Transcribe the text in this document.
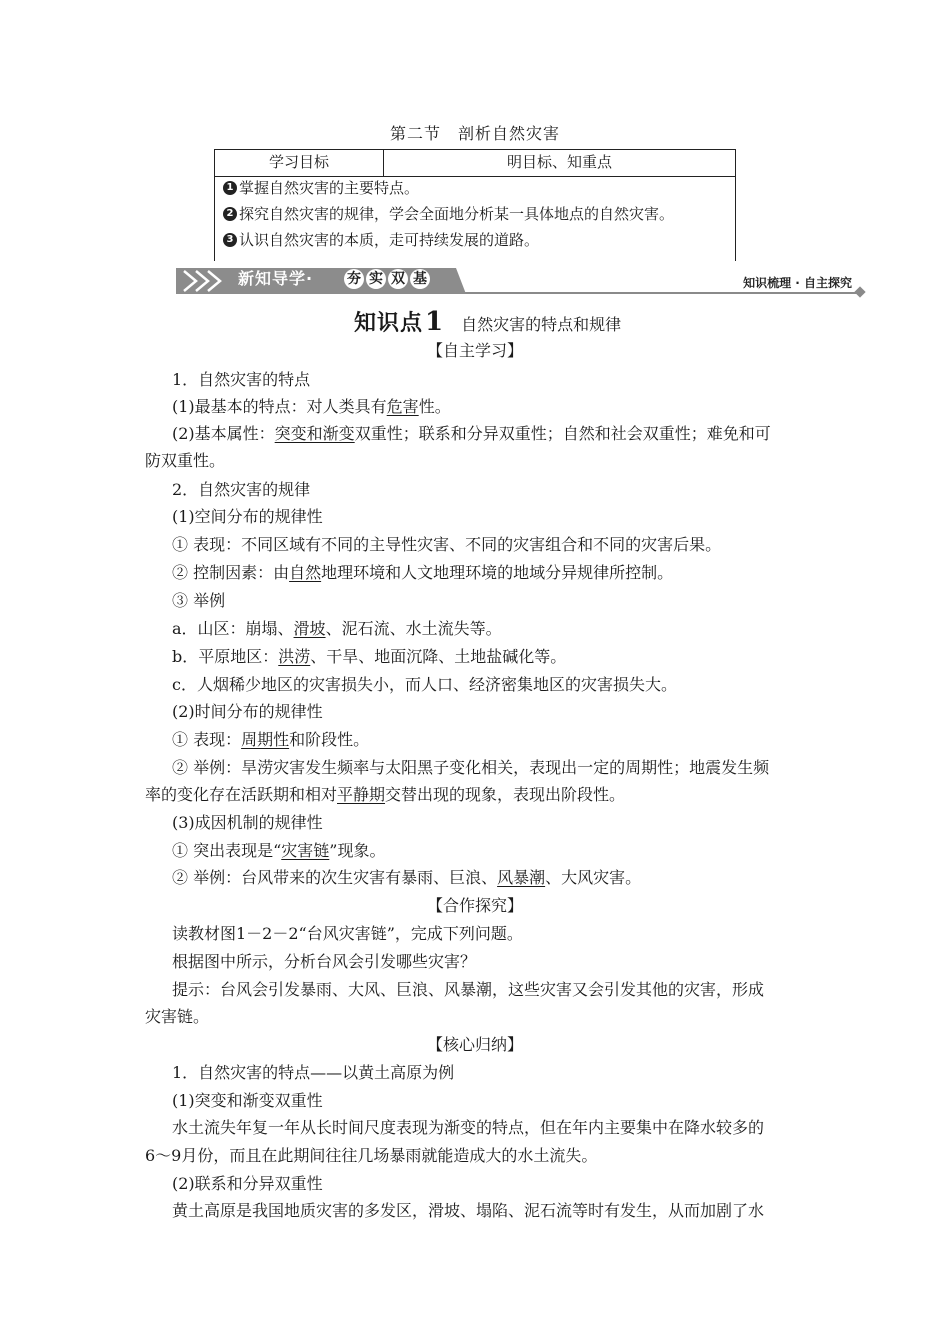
第二节　剖析自然灾害
学习目标	明目标、知重点
1 掌握自然灾害的主要特点。
2 探究自然灾害的规律，学会全面地分析某一具体地点的自然灾害。
3 认识自然灾害的本质，走可持续发展的道路。
新知导学· 夯 实 双 基	知识梳理 · 自主探究
知识点 1 自然灾害的特点和规律
【自主学习】
1．自然灾害的特点
(1)最基本的特点：对人类具有危害性。
(2)基本属性：突变和渐变双重性；联系和分异双重性；自然和社会双重性；难免和可
防双重性。
2．自然灾害的规律
(1)空间分布的规律性
① 表现：不同区域有不同的主导性灾害、不同的灾害组合和不同的灾害后果。
② 控制因素：由自然地理环境和人文地理环境的地域分异规律所控制。
③ 举例
a．山区：崩塌、滑坡、泥石流、水土流失等。
b．平原地区：洪涝、干旱、地面沉降、土地盐碱化等。
c．人烟稀少地区的灾害损失小，而人口、经济密集地区的灾害损失大。
(2)时间分布的规律性
① 表现：周期性和阶段性。
② 举例：旱涝灾害发生频率与太阳黑子变化相关，表现出一定的周期性；地震发生频
率的变化存在活跃期和相对平静期交替出现的现象，表现出阶段性。
(3)成因机制的规律性
① 突出表现是“灾害链”现象。
② 举例：台风带来的次生灾害有暴雨、巨浪、风暴潮、大风灾害。
【合作探究】
读教材图1－2－2“台风灾害链”，完成下列问题。
根据图中所示，分析台风会引发哪些灾害？
提示：台风会引发暴雨、大风、巨浪、风暴潮，这些灾害又会引发其他的灾害，形成
灾害链。
【核心归纳】
1．自然灾害的特点——以黄土高原为例
(1)突变和渐变双重性
水土流失年复一年从长时间尺度表现为渐变的特点，但在年内主要集中在降水较多的
6～9月份，而且在此期间往往几场暴雨就能造成大的水土流失。
(2)联系和分异双重性
黄土高原是我国地质灾害的多发区，滑坡、塌陷、泥石流等时有发生，从而加剧了水
